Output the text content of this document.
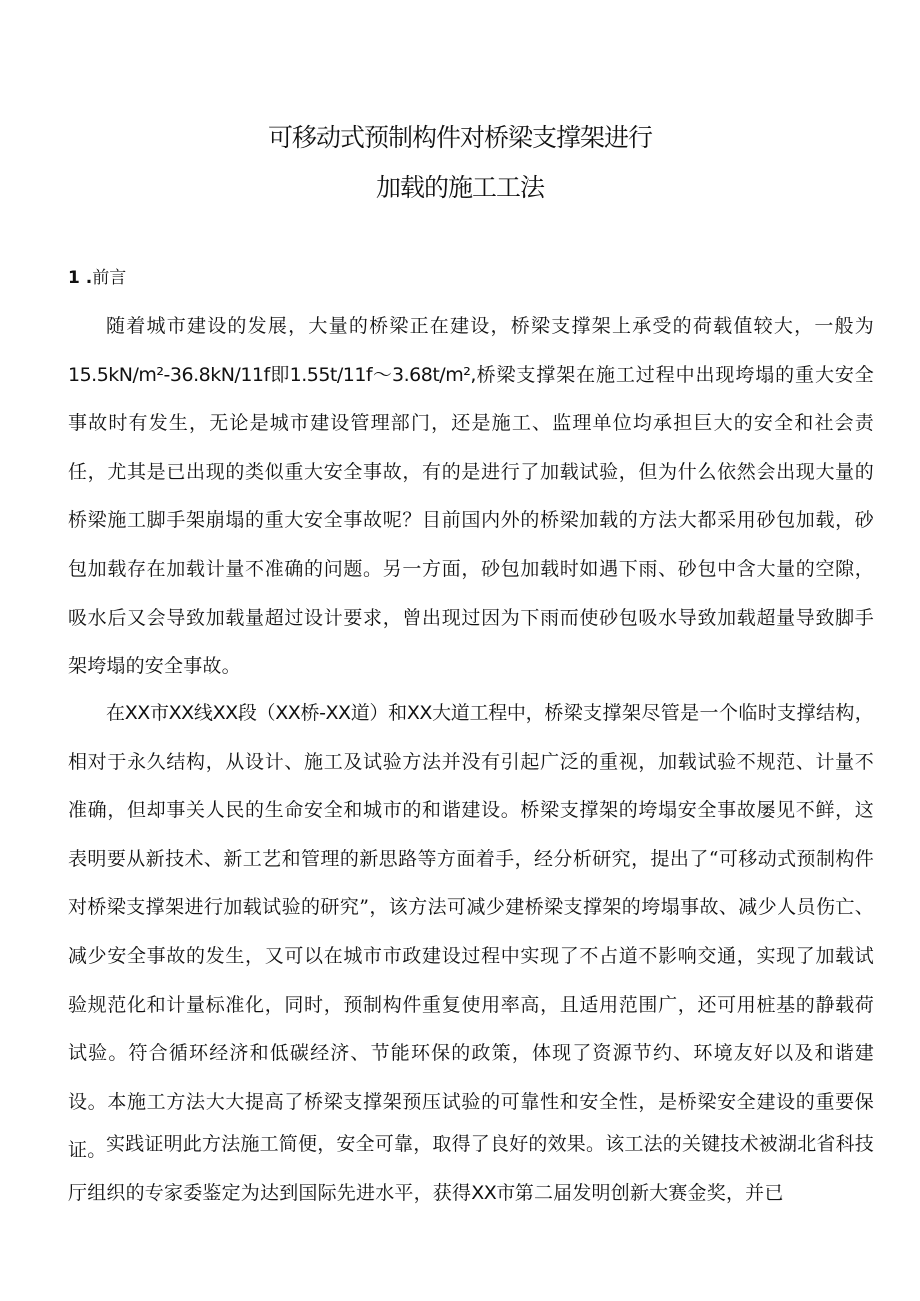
可移动式预制构件对桥梁支撑架进行
加载的施工工法
1 .前言

随着城市建设的发展，大量的桥梁正在建设，桥梁支撑架上承受的荷载值较大，一般为15.5kN/m²-36.8kN/11f即1.55t/11f～3.68t/m²,桥梁支撑架在施工过程中出现垮塌的重大安全事故时有发生，无论是城市建设管理部门，还是施工、监理单位均承担巨大的安全和社会责任，尤其是已出现的类似重大安全事故，有的是进行了加载试验，但为什么依然会出现大量的桥梁施工脚手架崩塌的重大安全事故呢？目前国内外的桥梁加载的方法大都采用砂包加载，砂包加载存在加载计量不准确的问题。另一方面，砂包加载时如遇下雨、砂包中含大量的空隙，吸水后又会导致加载量超过设计要求，曾出现过因为下雨而使砂包吸水导致加载超量导致脚手架垮塌的安全事故。

在XX市XX线XX段（XX桥-XX道）和XX大道工程中，桥梁支撑架尽管是一个临时支撑结构，相对于永久结构，从设计、施工及试验方法并没有引起广泛的重视，加载试验不规范、计量不准确，但却事关人民的生命安全和城市的和谐建设。桥梁支撑架的垮塌安全事故屡见不鲜，这表明要从新技术、新工艺和管理的新思路等方面着手，经分析研究，提出了“可移动式预制构件对桥梁支撑架进行加载试验的研究”，该方法可减少建桥梁支撑架的垮塌事故、减少人员伤亡、减少安全事故的发生，又可以在城市市政建设过程中实现了不占道不影响交通，实现了加载试验规范化和计量标准化，同时，预制构件重复使用率高，且适用范围广，还可用桩基的静载荷试验。符合循环经济和低碳经济、节能环保的政策，体现了资源节约、环境友好以及和谐建设。本施工方法大大提高了桥梁支撑架预压试验的可靠性和安全性，是桥梁安全建设的重要保证。 实践证明此方法施工简便，安全可靠，取得了良好的效果。该工法的关键技术被湖北省科技厅组织的专家委鉴定为达到国际先进水平，获得XX市第二届发明创新大赛金奖，并已
